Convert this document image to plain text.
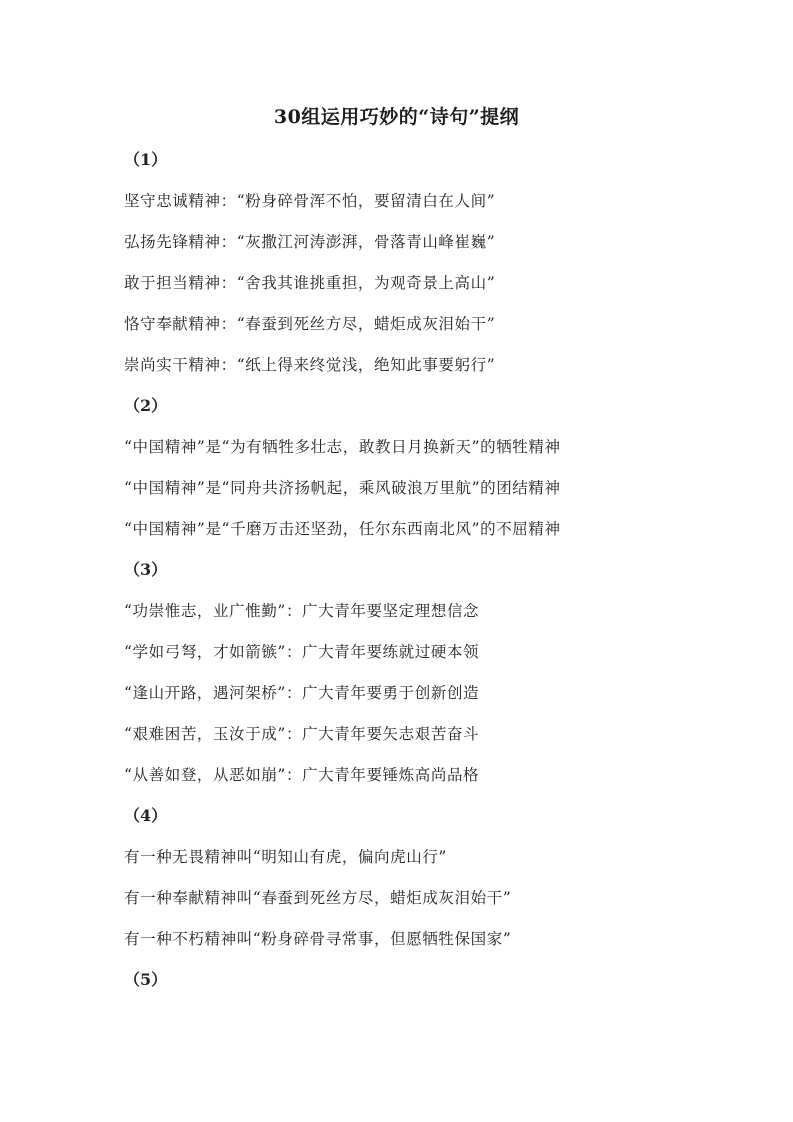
30组运用巧妙的“诗句”提纲
（1）
坚守忠诚精神：“粉身碎骨浑不怕，要留清白在人间”
弘扬先锋精神：“灰撒江河涛澎湃，骨落青山峰崔巍”
敢于担当精神：“舍我其谁挑重担，为观奇景上高山”
恪守奉献精神：“春蚕到死丝方尽，蜡炬成灰泪始干”
崇尚实干精神：“纸上得来终觉浅，绝知此事要躬行”
（2）
“中国精神”是“为有牺牲多壮志，敢教日月换新天”的牺牲精神
“中国精神”是“同舟共济扬帆起，乘风破浪万里航”的团结精神
“中国精神”是“千磨万击还坚劲，任尔东西南北风”的不屈精神
（3）
“功崇惟志，业广惟勤”：广大青年要坚定理想信念
“学如弓弩，才如箭镞”：广大青年要练就过硬本领
“逢山开路，遇河架桥”：广大青年要勇于创新创造
“艰难困苦，玉汝于成”：广大青年要矢志艰苦奋斗
“从善如登，从恶如崩”：广大青年要锤炼高尚品格
（4）
有一种无畏精神叫“明知山有虎，偏向虎山行”
有一种奉献精神叫“春蚕到死丝方尽，蜡炬成灰泪始干”
有一种不朽精神叫“粉身碎骨寻常事，但愿牺牲保国家”
（5）
